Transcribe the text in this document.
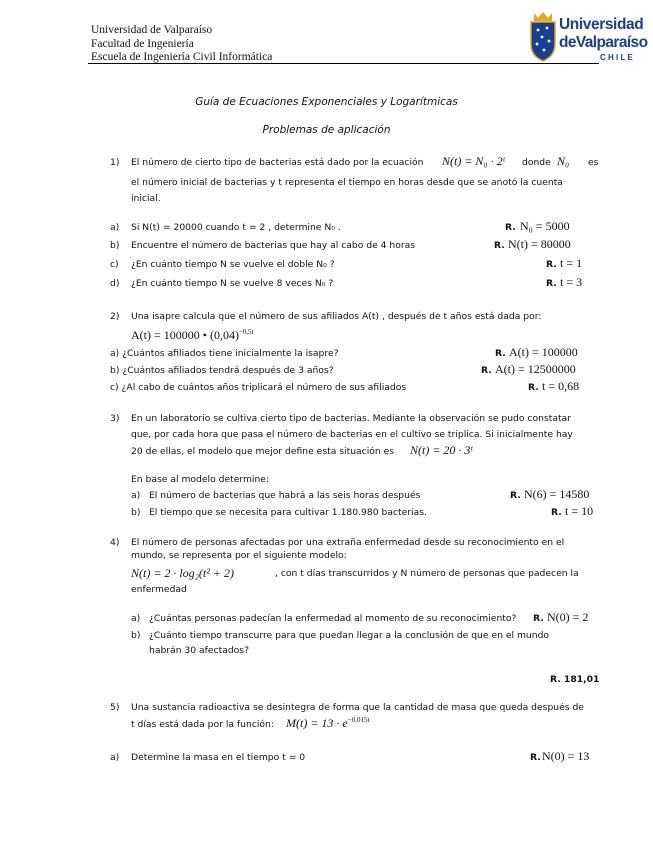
Universidad de Valparaíso
Facultad de Ingeniería
Escuela de Ingeniería Civil Informática
Universidad
deValparaíso
C H I L E
Guía de Ecuaciones Exponenciales y Logarítmicas
Problemas de aplicación
1) El número de cierto tipo de bacterias está dado por la ecuación N(t) = N₀ · 2ᵗ donde N₀ es
el número inicial de bacterias y t representa el tiempo en horas desde que se anotó la cuenta
inicial.
a) Si N(t) = 20000 cuando t = 2 , determine N₀ .	R. N₀ = 5000
b) Encuentre el número de bacterias que hay al cabo de 4 horas	R. N(t) = 80000
c) ¿En cuánto tiempo N se vuelve el doble N₀ ?	R. t = 1
d) ¿En cuánto tiempo N se vuelve 8 veces N₀ ?	R. t = 3
2) Una isapre calcula que el número de sus afiliados A(t) , después de t años está dada por:
A(t) = 100000 • $(0,04)^{-0,5t}$
a) ¿Cuántos afiliados tiene inicialmente la isapre?	R. A(t) = 100000
b) ¿Cuántos afiliados tendrá después de 3 años?	R. A(t) = 12500000
c) ¿Al cabo de cuántos años triplicará el número de sus afiliados	R. t = 0,68
3) En un laboratorio se cultiva cierto tipo de bacterias. Mediante la observación se pudo constatar
que, por cada hora que pasa el número de bacterias en el cultivo se triplica. Si inicialmente hay
20 de ellas, el modelo que mejor define esta situación es N(t) = 20 · 3ᵗ
En base al modelo determine:
a) El número de bacterias que habrá a las seis horas después	R. N(6) = 14580
b) El tiempo que se necesita para cultivar 1.180.980 bacterias.	R. t = 10
4) El número de personas afectadas por una extraña enfermedad desde su reconocimiento en el
mundo, se representa por el siguiente modelo:
N(t) = 2 · log₂(t² + 2)	, con t días transcurridos y N número de personas que padecen la
enfermedad
a) ¿Cuántas personas padecían la enfermedad al momento de su reconocimiento? R. N(0) = 2
b) ¿Cuánto tiempo transcurre para que puedan llegar a la conclusión de que en el mundo
habrán 30 afectados?
R. 181,01
5) Una sustancia radioactiva se desintegra de forma que la cantidad de masa que queda después de
t días está dada por la función: $M(t) = 13 \cdot e^{-0,015t}$
a) Determine la masa en el tiempo t = 0	R. N(0) = 13
